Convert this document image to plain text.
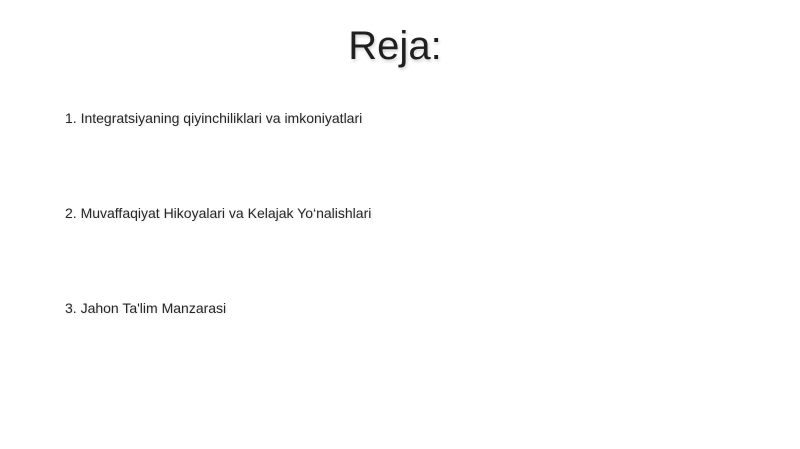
Reja:
1. Integratsiyaning qiyinchiliklari va imkoniyatlari
2. Muvaffaqiyat Hikoyalari va Kelajak Yo‘nalishlari
3. Jahon Ta'lim Manzarasi
